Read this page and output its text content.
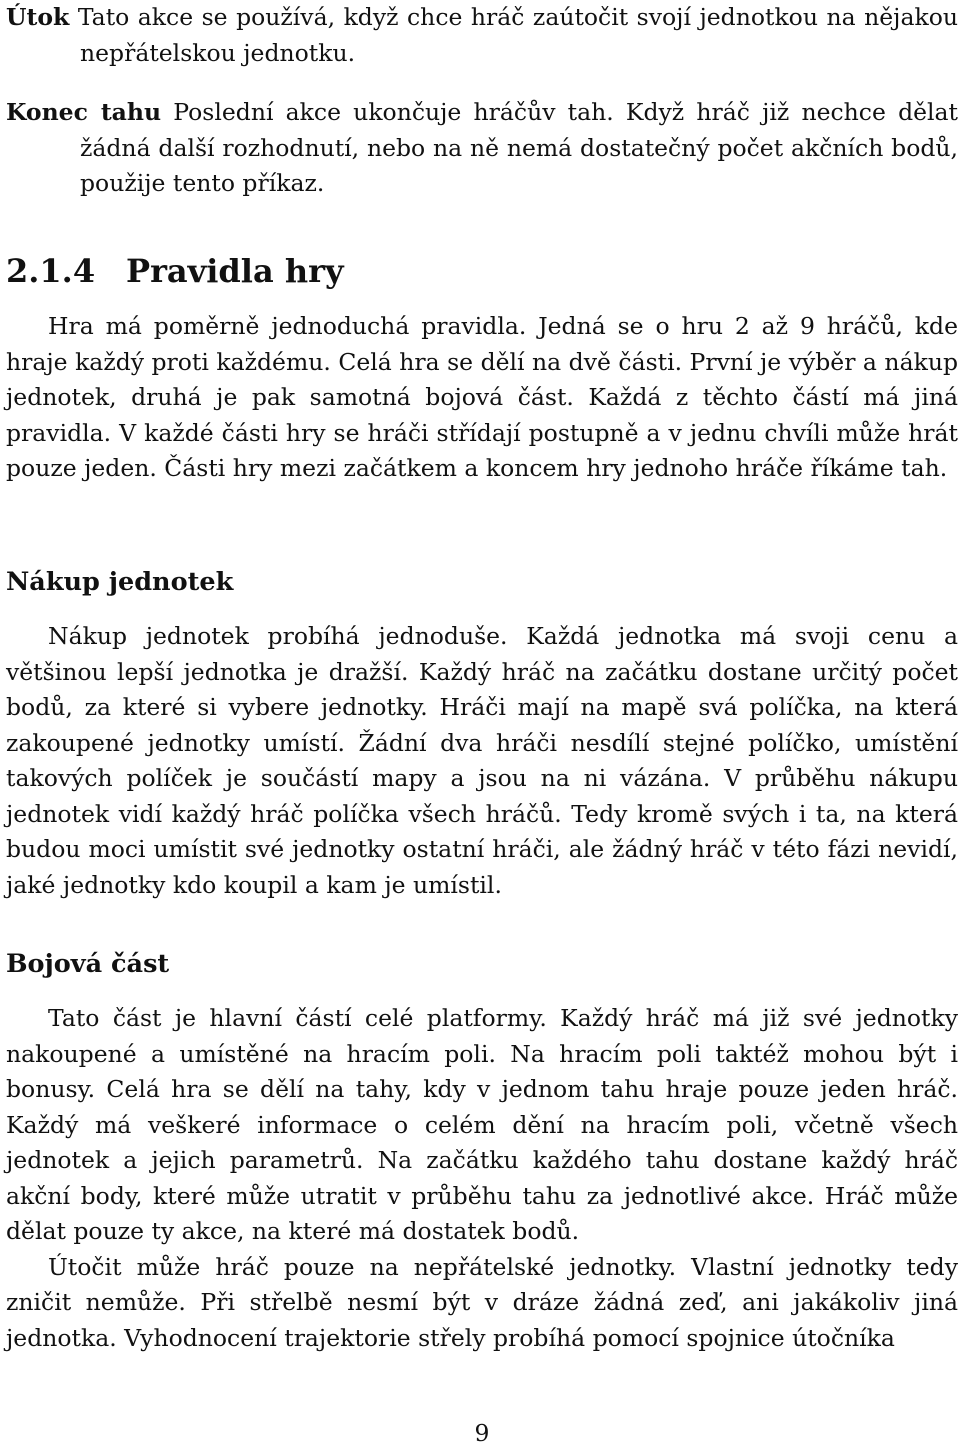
Útok Tato akce se používá, když chce hráč zaútočit svojí jednotkou na nějakou nepřátelskou jednotku.

Konec tahu Poslední akce ukončuje hráčův tah. Když hráč již nechce dělat žádná další rozhodnutí, nebo na ně nemá dostatečný počet akčních bodů, použije tento příkaz.

2.1.4 Pravidla hry

Hra má poměrně jednoduchá pravidla. Jedná se o hru 2 až 9 hráčů, kde hraje každý proti každému. Celá hra se dělí na dvě části. První je výběr a nákup jednotek, druhá je pak samotná bojová část. Každá z těchto částí má jiná pravidla. V každé části hry se hráči střídají postupně a v jednu chvíli může hrát pouze jeden. Části hry mezi začátkem a koncem hry jednoho hráče říkáme tah.

Nákup jednotek

Nákup jednotek probíhá jednoduše. Každá jednotka má svoji cenu a většinou lepší jednotka je dražší. Každý hráč na začátku dostane určitý počet bodů, za které si vybere jednotky. Hráči mají na mapě svá políčka, na která zakoupené jednotky umístí. Žádní dva hráči nesdílí stejné políčko, umístění takových políček je součástí mapy a jsou na ni vázána. V průběhu nákupu jednotek vidí každý hráč políčka všech hráčů. Tedy kromě svých i ta, na která budou moci umístit své jednotky ostatní hráči, ale žádný hráč v této fázi nevidí, jaké jednotky kdo koupil a kam je umístil.

Bojová část

Tato část je hlavní částí celé platformy. Každý hráč má již své jednotky nakoupené a umístěné na hracím poli. Na hracím poli taktéž mohou být i bonusy. Celá hra se dělí na tahy, kdy v jednom tahu hraje pouze jeden hráč. Každý má veškeré informace o celém dění na hracím poli, včetně všech jednotek a jejich parametrů. Na začátku každého tahu dostane každý hráč akční body, které může utratit v průběhu tahu za jednotlivé akce. Hráč může dělat pouze ty akce, na které má dostatek bodů.

Útočit může hráč pouze na nepřátelské jednotky. Vlastní jednotky tedy zničit nemůže. Při střelbě nesmí být v dráze žádná zeď, ani jakákoliv jiná jednotka. Vyhodnocení trajektorie střely probíhá pomocí spojnice útočníka

9
